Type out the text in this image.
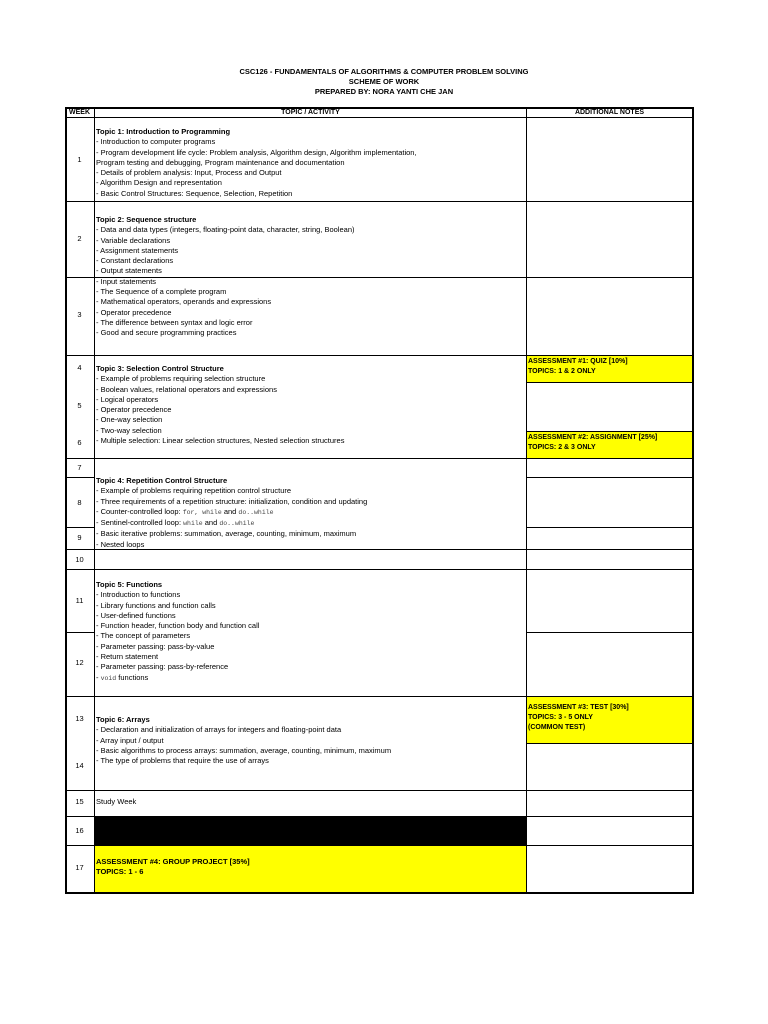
CSC126 - FUNDAMENTALS OF ALGORITHMS & COMPUTER PROBLEM SOLVING
SCHEME OF WORK
PREPARED BY: NORA YANTI CHE JAN
WEEK	TOPIC / ACTIVITY	ADDITIONAL NOTES
1
2
3
4
5
6
7
8
9
10
11
12
13
14
15
16
17
Topic 1: Introduction to Programming
- Introduction to computer programs
- Program development life cycle: Problem analysis, Algorithm design, Algorithm implementation,
Program testing and debugging, Program maintenance and documentation
- Details of problem analysis: Input, Process and Output
- Algorithm Design and representation
- Basic Control Structures: Sequence, Selection, Repetition
Topic 2: Sequence structure
- Data and data types (integers, floating-point data, character, string, Boolean)
- Variable declarations
- Assignment statements
- Constant declarations
- Output statements
- Input statements
- The Sequence of a complete program
- Mathematical operators, operands and expressions
- Operator precedence
- The difference between syntax and logic error
- Good and secure programming practices
Topic 3: Selection Control Structure
- Example of problems requiring selection structure
- Boolean values, relational operators and expressions
- Logical operators
- Operator precedence
- One-way selection
- Two-way selection
- Multiple selection: Linear selection structures, Nested selection structures
Topic 4: Repetition Control Structure
- Example of problems requiring repetition control structure
- Three requirements of a repetition structure: initialization, condition and updating
- Counter-controlled loop: for, while and do..while
- Sentinel-controlled loop: while and do..while
- Basic iterative problems: summation, average, counting, minimum, maximum
- Nested loops
Topic 5: Functions
- Introduction to functions
- Library functions and function calls
- User-defined functions
- Function header, function body and function call
- The concept of parameters
- Parameter passing: pass-by-value
- Return statement
- Parameter passing: pass-by-reference
- void functions
Topic 6: Arrays
- Declaration and initialization of arrays for integers and floating-point data
- Array input / output
- Basic algorithms to process arrays: summation, average, counting, minimum, maximum
- The type of problems that require the use of arrays
Study Week
ASSESSMENT #1: QUIZ [10%]
TOPICS: 1 & 2 ONLY
ASSESSMENT #2: ASSIGNMENT [25%]
TOPICS: 2 & 3 ONLY
ASSESSMENT #3: TEST [30%]
TOPICS: 3 - 5 ONLY
(COMMON TEST)
ASSESSMENT #4: GROUP PROJECT [35%]
TOPICS: 1 - 6
